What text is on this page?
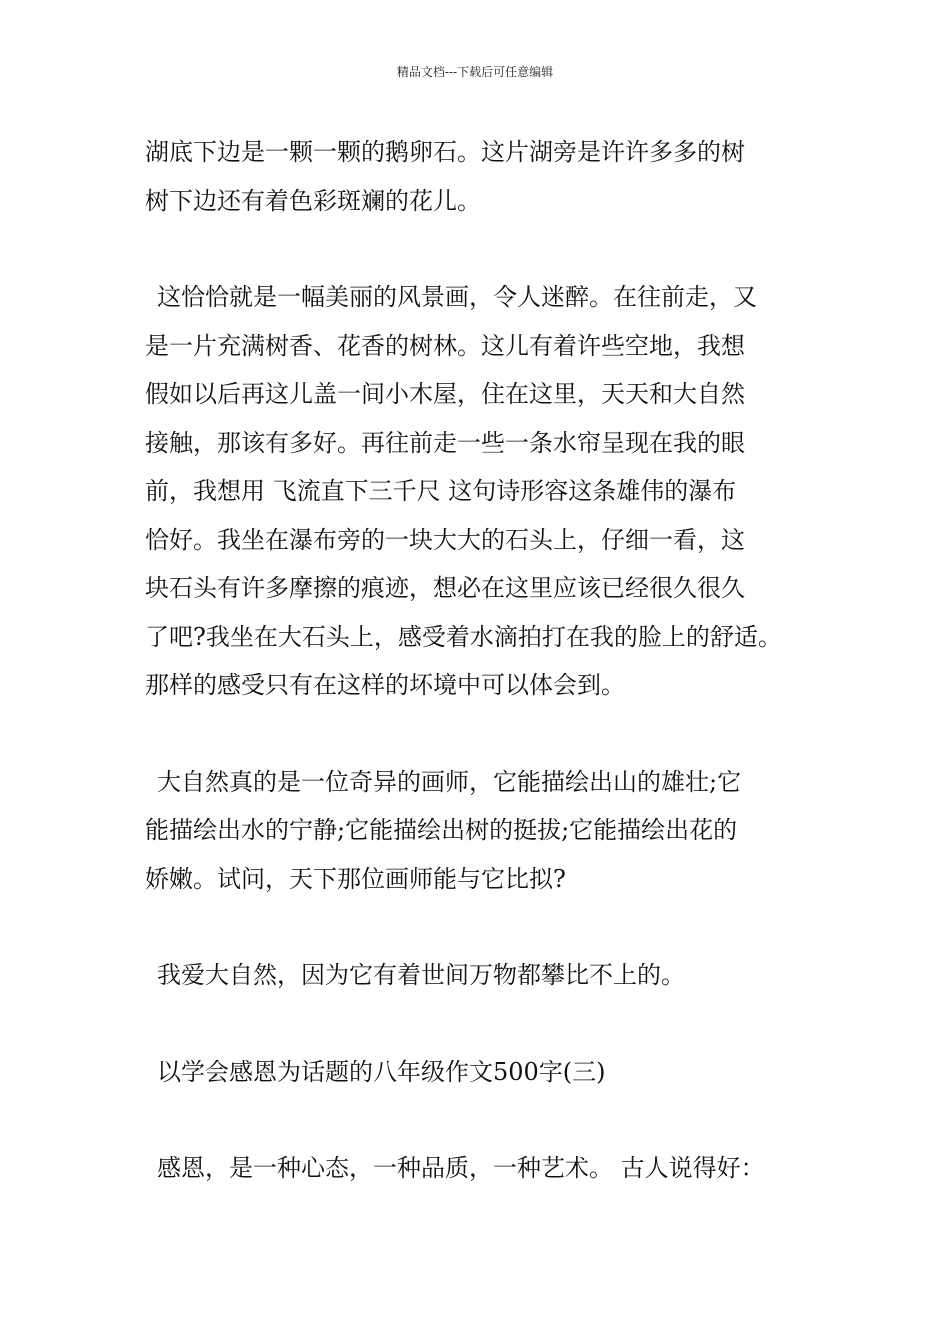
精品文档---下载后可任意编辑

湖底下边是一颗一颗的鹅卵石。这片湖旁是许许多多的树
树下边还有着色彩斑斓的花儿。

这恰恰就是一幅美丽的风景画，令人迷醉。在往前走，又
是一片充满树香、花香的树林。这儿有着许些空地，我想
假如以后再这儿盖一间小木屋，住在这里，天天和大自然
接触，那该有多好。再往前走一些一条水帘呈现在我的眼
前，我想用 飞流直下三千尺 这句诗形容这条雄伟的瀑布
恰好。我坐在瀑布旁的一块大大的石头上，仔细一看，这
块石头有许多摩擦的痕迹，想必在这里应该已经很久很久
了吧?我坐在大石头上，感受着水滴拍打在我的脸上的舒适。
那样的感受只有在这样的坏境中可以体会到。

大自然真的是一位奇异的画师，它能描绘出山的雄壮;它
能描绘出水的宁静;它能描绘出树的挺拔;它能描绘出花的
娇嫩。试问，天下那位画师能与它比拟?

我爱大自然，因为它有着世间万物都攀比不上的。

以学会感恩为话题的八年级作文500字(三)

感恩，是一种心态，一种品质，一种艺术。 古人说得好：
